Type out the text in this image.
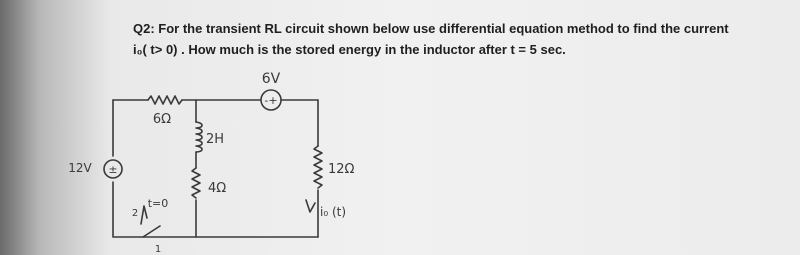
Q2: For the transient RL circuit shown below use differential equation method to find the current
i₀( t> 0) . How much is the stored energy in the inductor after t = 5 sec.
-+
6V
6Ω
±
12V
2H
4Ω
12Ω
i₀ (t)
t=0
2
1
